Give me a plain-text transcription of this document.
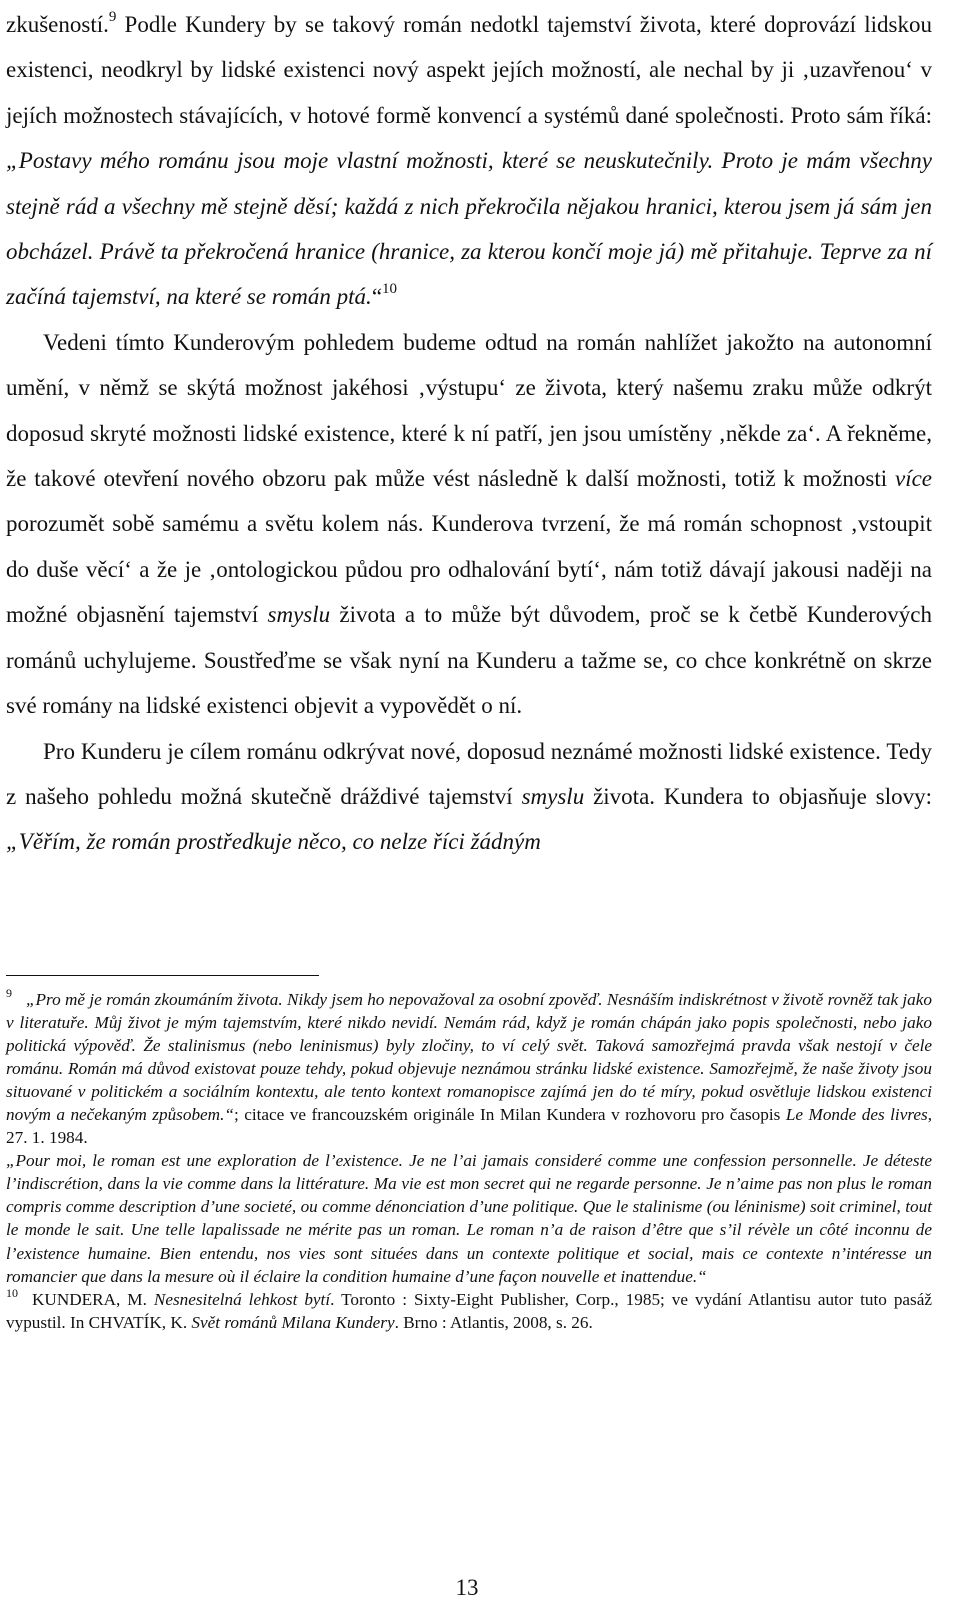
zkušeností.$^9$ Podle Kundery by se takový román nedotkl tajemství života, které doprovází lidskou existenci, neodkryl by lidské existenci nový aspekt jejích možností, ale nechal by ji ‚uzavřenou‘ v jejích možnostech stávajících, v hotové formě konvencí a systémů dané společnosti. Proto sám říká: „Postavy mého románu jsou moje vlastní možnosti, které se neuskutečnily. Proto je mám všechny stejně rád a všechny mě stejně děsí; každá z nich překročila nějakou hranici, kterou jsem já sám jen obcházel. Právě ta překročená hranice (hranice, za kterou končí moje já) mě přitahuje. Teprve za ní začíná tajemství, na které se román ptá.“$^{10}$

Vedeni tímto Kunderovým pohledem budeme odtud na román nahlížet jakožto na autonomní umění, v němž se skýtá možnost jakéhosi ‚výstupu‘ ze života, který našemu zraku může odkrýt doposud skryté možnosti lidské existence, které k ní patří, jen jsou umístěny ‚někde za‘. A řekněme, že takové otevření nového obzoru pak může vést následně k další možnosti, totiž k možnosti více porozumět sobě samému a světu kolem nás. Kunderova tvrzení, že má román schopnost ‚vstoupit do duše věcí‘ a že je ‚ontologickou půdou pro odhalování bytí‘, nám totiž dávají jakousi naději na možné objasnění tajemství smyslu života a to může být důvodem, proč se k četbě Kunderových románů uchylujeme. Soustřeďme se však nyní na Kunderu a tažme se, co chce konkrétně on skrze své romány na lidské existenci objevit a vypovědět o ní.

Pro Kunderu je cílem románu odkrývat nové, doposud neznámé možnosti lidské existence. Tedy z našeho pohledu možná skutečně dráždivé tajemství smyslu života. Kundera to objasňuje slovy: „Věřím, že román prostředkuje něco, co nelze říci žádným

$^9$ „Pro mě je román zkoumáním života. Nikdy jsem ho nepovažoval za osobní zpověď. Nesnáším indiskrétnost v životě rovněž tak jako v literatuře. Můj život je mým tajemstvím, které nikdo nevidí. Nemám rád, když je román chápán jako popis společnosti, nebo jako politická výpověď. Že stalinismus (nebo leninismus) byly zločiny, to ví celý svět. Taková samozřejmá pravda však nestojí v čele románu. Román má důvod existovat pouze tehdy, pokud objevuje neznámou stránku lidské existence. Samozřejmě, že naše životy jsou situované v politickém a sociálním kontextu, ale tento kontext romanopisce zajímá jen do té míry, pokud osvětluje lidskou existenci novým a nečekaným způsobem.“; citace ve francouzském originále In Milan Kundera v rozhovoru pro časopis Le Monde des livres, 27. 1. 1984.

„Pour moi, le roman est une exploration de l’existence. Je ne l’ai jamais consideré comme une confession personnelle. Je déteste l’indiscrétion, dans la vie comme dans la littérature. Ma vie est mon secret qui ne regarde personne. Je n’aime pas non plus le roman compris comme description d’une societé, ou comme dénonciation d’une politique. Que le stalinisme (ou léninisme) soit criminel, tout le monde le sait. Une telle lapalissade ne mérite pas un roman. Le roman n’a de raison d’être que s’il révèle un côté inconnu de l’existence humaine. Bien entendu, nos vies sont situées dans un contexte politique et social, mais ce contexte n’intéresse un romancier que dans la mesure où il éclaire la condition humaine d’une façon nouvelle et inattendue.“

$^{10}$ KUNDERA, M. Nesnesitelná lehkost bytí. Toronto : Sixty-Eight Publisher, Corp., 1985; ve vydání Atlantisu autor tuto pasáž vypustil. In CHVATÍK, K. Svět románů Milana Kundery. Brno : Atlantis, 2008, s. 26.

13
